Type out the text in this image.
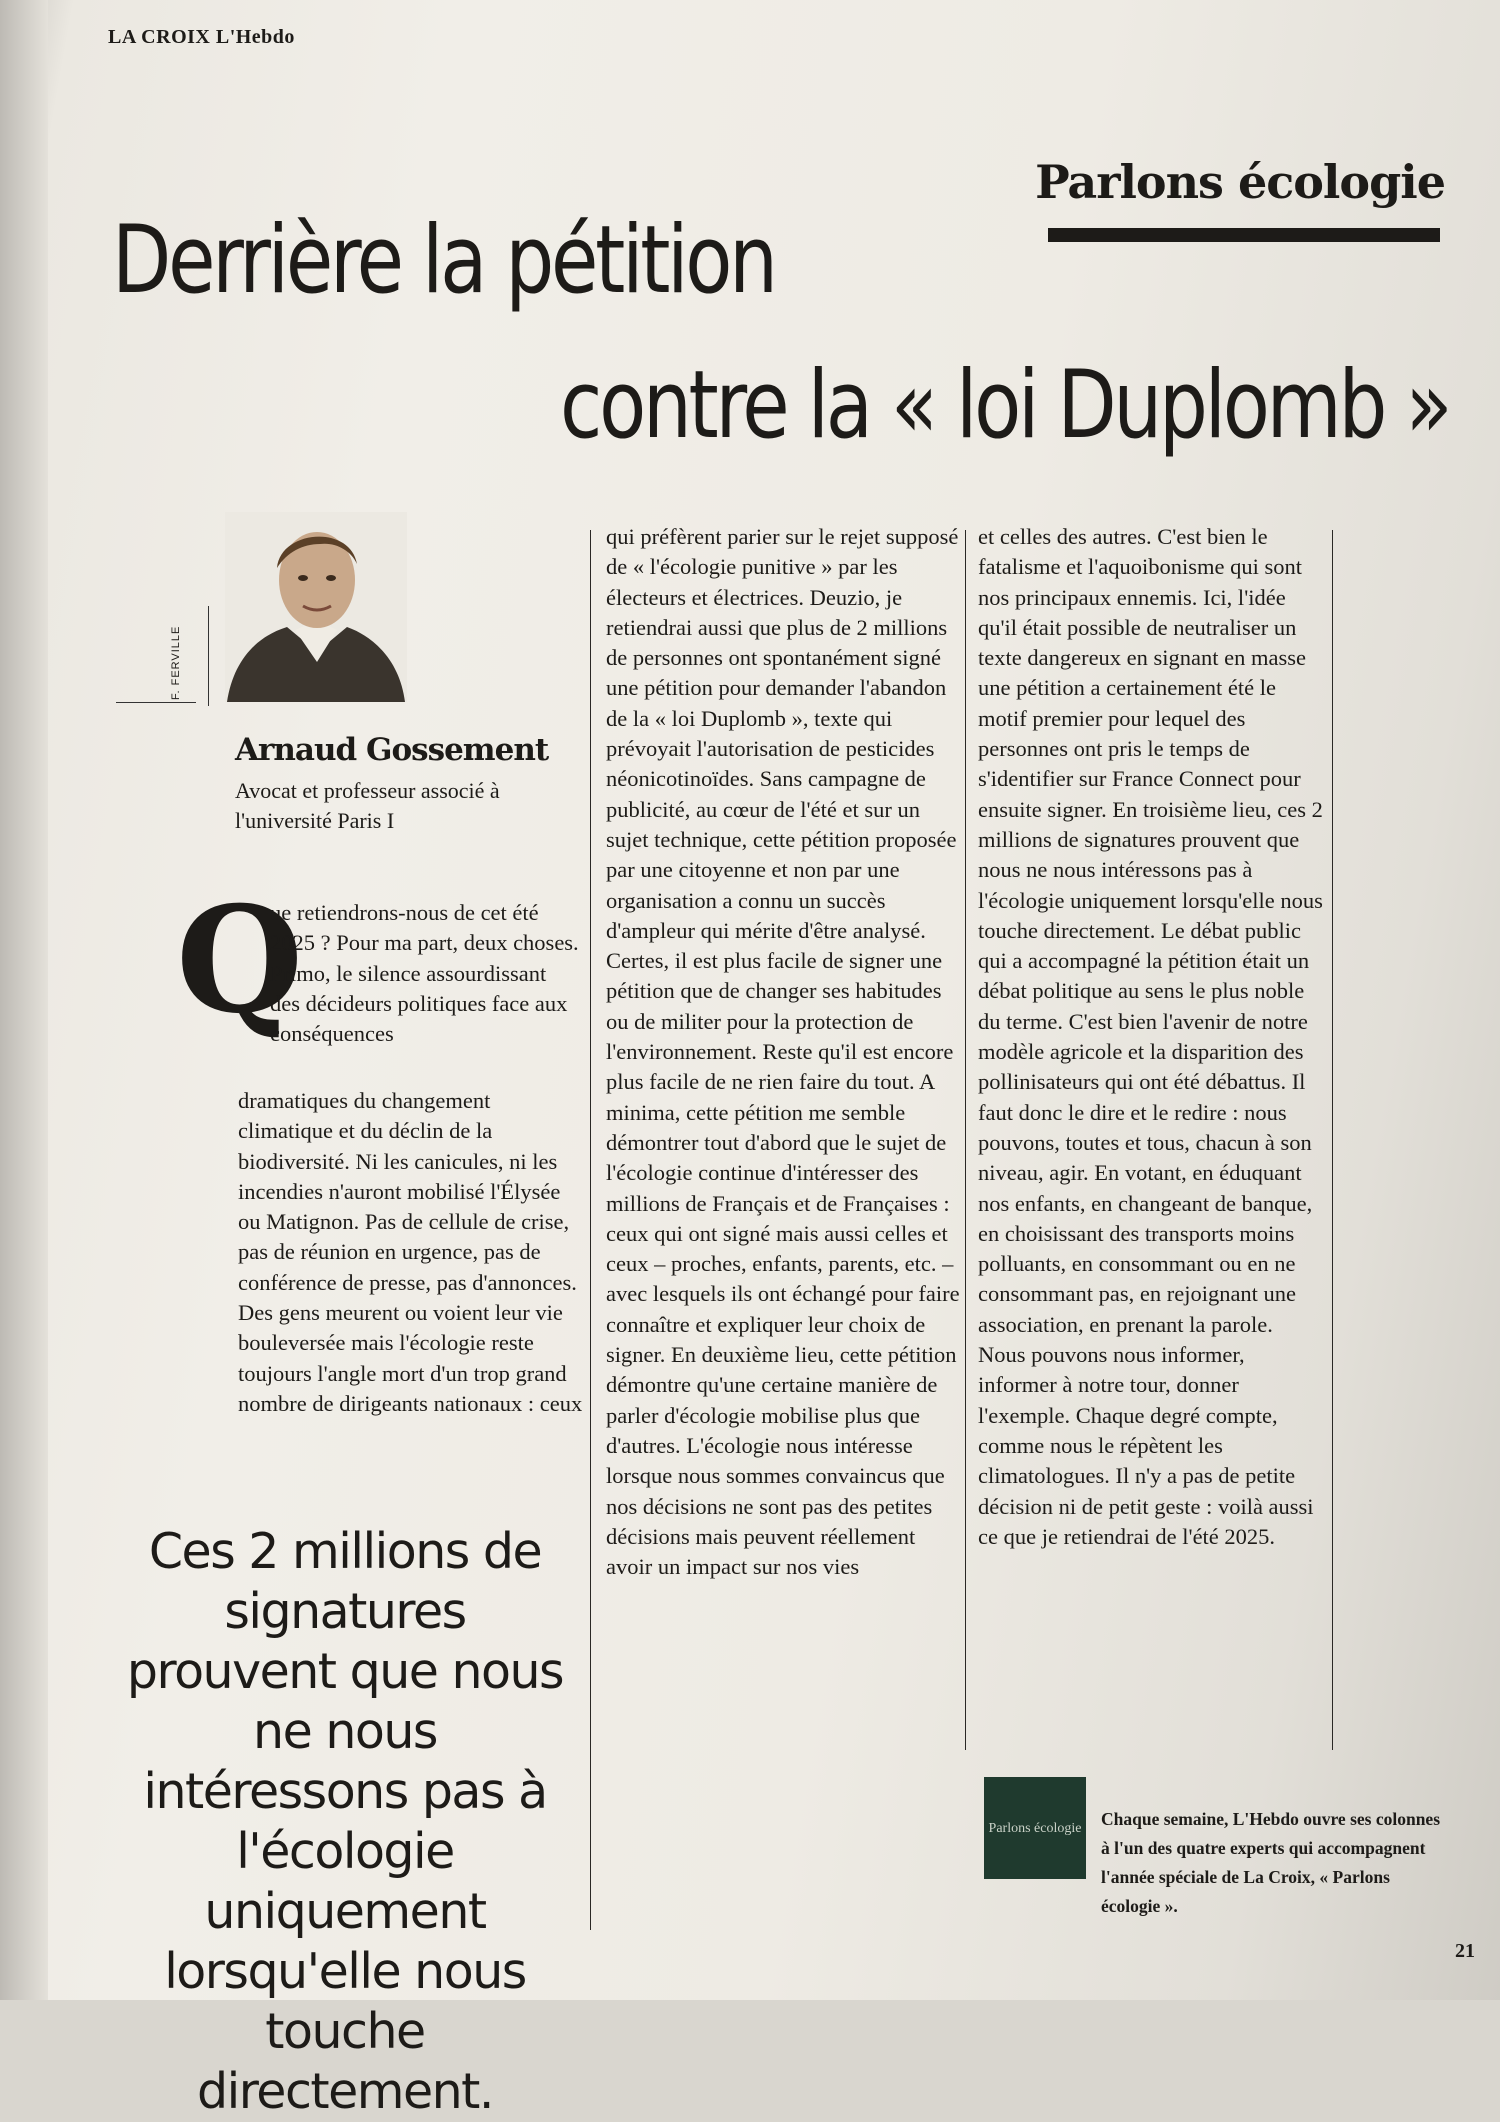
LA CROIX L'Hebdo
Parlons écologie
Derrière la pétition
contre la « loi Duplomb »
F. FERVILLE
Arnaud Gossement
Avocat et professeur associé à l'université Paris I
Q

ue retiendrons-nous de cet été 2025 ? Pour ma part, deux choses. Primo, le silence assourdissant des décideurs politiques face aux conséquences

dramatiques du changement climatique et du déclin de la biodiversité. Ni les canicules, ni les incendies n'auront mobilisé l'Élysée ou Matignon. Pas de cellule de crise, pas de réunion en urgence, pas de conférence de presse, pas d'annonces. Des gens meurent ou voient leur vie bouleversée mais l'écologie reste toujours l'angle mort d'un trop grand nombre de dirigeants nationaux : ceux

qui préfèrent parier sur le rejet supposé de « l'écologie punitive » par les électeurs et électrices. Deuzio, je retiendrai aussi que plus de 2 millions de personnes ont spontanément signé une pétition pour demander l'abandon de la « loi Duplomb », texte qui prévoyait l'autorisation de pesticides néonicotinoïdes. Sans campagne de publicité, au cœur de l'été et sur un sujet technique, cette pétition proposée par une citoyenne et non par une organisation a connu un succès d'ampleur qui mérite d'être analysé. Certes, il est plus facile de signer une pétition que de changer ses habitudes ou de militer pour la protection de l'environnement. Reste qu'il est encore plus facile de ne rien faire du tout. A minima, cette pétition me semble démontrer tout d'abord que le sujet de l'écologie continue d'intéresser des millions de Français et de Françaises : ceux qui ont signé mais aussi celles et ceux – proches, enfants, parents, etc. – avec lesquels ils ont échangé pour faire connaître et expliquer leur choix de signer. En deuxième lieu, cette pétition démontre qu'une certaine manière de parler d'écologie mobilise plus que d'autres. L'écologie nous intéresse lorsque nous sommes convaincus que nos décisions ne sont pas des petites décisions mais peuvent réellement avoir un impact sur nos vies

et celles des autres. C'est bien le fatalisme et l'aquoibonisme qui sont nos principaux ennemis. Ici, l'idée qu'il était possible de neutraliser un texte dangereux en signant en masse une pétition a certainement été le motif premier pour lequel des personnes ont pris le temps de s'identifier sur France Connect pour ensuite signer. En troisième lieu, ces 2 millions de signatures prouvent que nous ne nous intéressons pas à l'écologie uniquement lorsqu'elle nous touche directement. Le débat public qui a accompagné la pétition était un débat politique au sens le plus noble du terme. C'est bien l'avenir de notre modèle agricole et la disparition des pollinisateurs qui ont été débattus. Il faut donc le dire et le redire : nous pouvons, toutes et tous, chacun à son niveau, agir. En votant, en éduquant nos enfants, en changeant de banque, en choisissant des transports moins polluants, en consommant ou en ne consommant pas, en rejoignant une association, en prenant la parole. Nous pouvons nous informer, informer à notre tour, donner l'exemple. Chaque degré compte, comme nous le répètent les climatologues. Il n'y a pas de petite décision ni de petit geste : voilà aussi ce que je retiendrai de l'été 2025.

Ces 2 millions de signatures prouvent que nous ne nous intéressons pas à l'écologie uniquement lorsqu'elle nous touche directement.
Parlons écologie Chaque semaine, L'Hebdo ouvre ses colonnes à l'un des quatre experts qui accompagnent l'année spéciale de La Croix, « Parlons écologie ».
21
